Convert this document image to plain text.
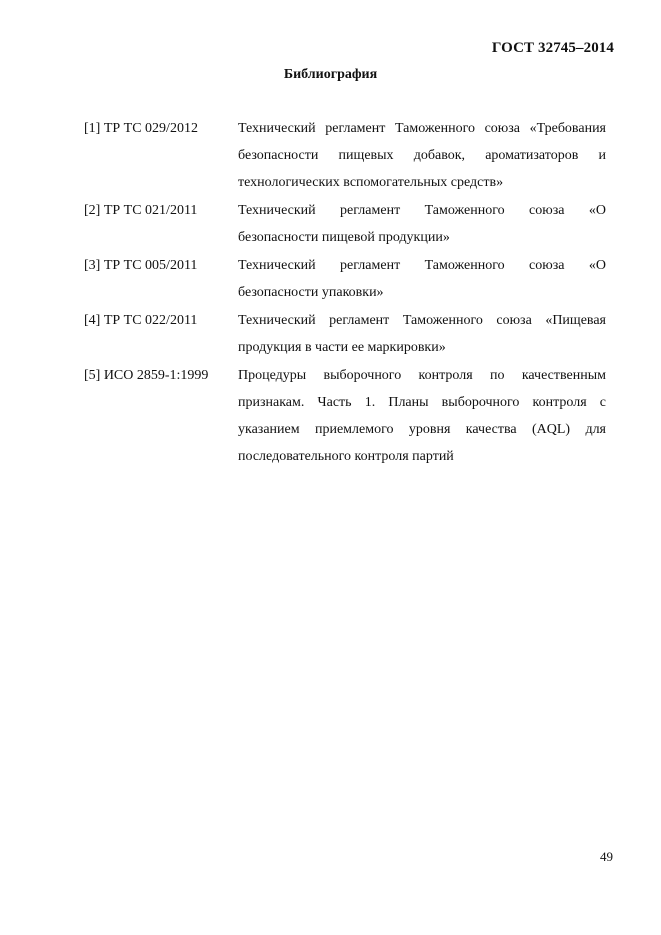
ГОСТ 32745–2014

Библиография
[1] ТР ТС 029/2012	Технический регламент Таможенного союза «Требования безопасности пищевых добавок, ароматизаторов и технологических вспомогательных средств»
[2] ТР ТС 021/2011	Технический регламент Таможенного союза «О безопасности пищевой продукции»
[3] ТР ТС 005/2011	Технический регламент Таможенного союза «О безопасности упаковки»
[4] ТР ТС 022/2011	Технический регламент Таможенного союза «Пищевая продукция в части ее маркировки»
[5] ИСО 2859-1:1999	Процедуры выборочного контроля по качественным признакам. Часть 1. Планы выборочного контроля с указанием приемлемого уровня качества (AQL) для последовательного контроля партий

49
